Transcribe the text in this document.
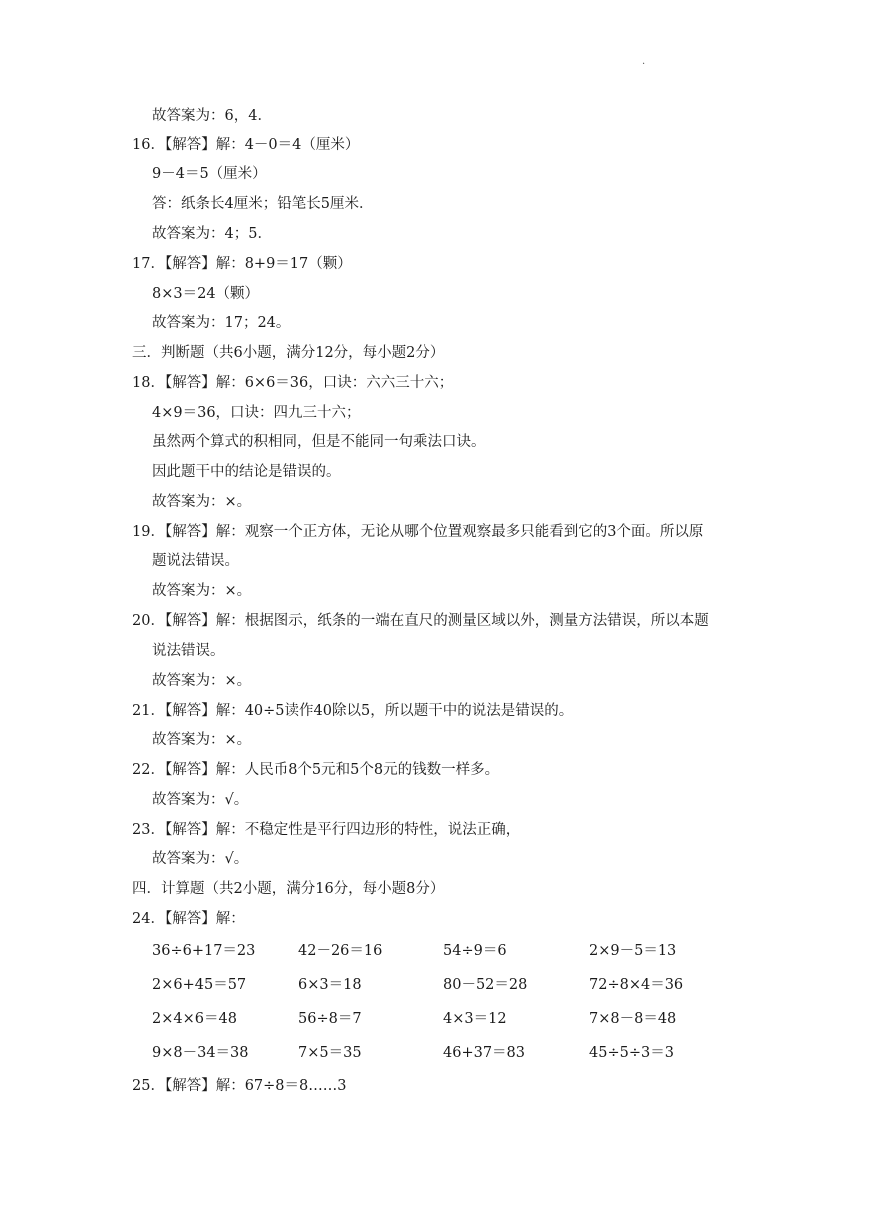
.
故答案为：6，4．
16．【解答】解：4－0＝4（厘米）
9－4＝5（厘米）
答：纸条长4厘米；铅笔长5厘米．
故答案为：4；5．
17．【解答】解：8+9＝17（颗）
8×3＝24（颗）
故答案为：17；24。
三．判断题（共6小题，满分12分，每小题2分）
18．【解答】解：6×6＝36，口诀：六六三十六；
4×9＝36，口诀：四九三十六；
虽然两个算式的积相同，但是不能同一句乘法口诀。
因此题干中的结论是错误的。
故答案为：×。
19．【解答】解：观察一个正方体，无论从哪个位置观察最多只能看到它的3个面。所以原
题说法错误。
故答案为：×。
20．【解答】解：根据图示，纸条的一端在直尺的测量区域以外，测量方法错误，所以本题
说法错误。
故答案为：×。
21．【解答】解：40÷5读作40除以5，所以题干中的说法是错误的。
故答案为：×。
22．【解答】解：人民币8个5元和5个8元的钱数一样多。
故答案为：√。
23．【解答】解：不稳定性是平行四边形的特性，说法正确，
故答案为：√。
四．计算题（共2小题，满分16分，每小题8分）
24．【解答】解：
36÷6+17＝23	42－26＝16	54÷9＝6	2×9－5＝13
2×6+45＝57	6×3＝18	80－52＝28	72÷8×4＝36
2×4×6＝48	56÷8＝7	4×3＝12	7×8－8＝48
9×8－34＝38	7×5＝35	46+37＝83	45÷5÷3＝3
25．【解答】解：67÷8＝8……3
